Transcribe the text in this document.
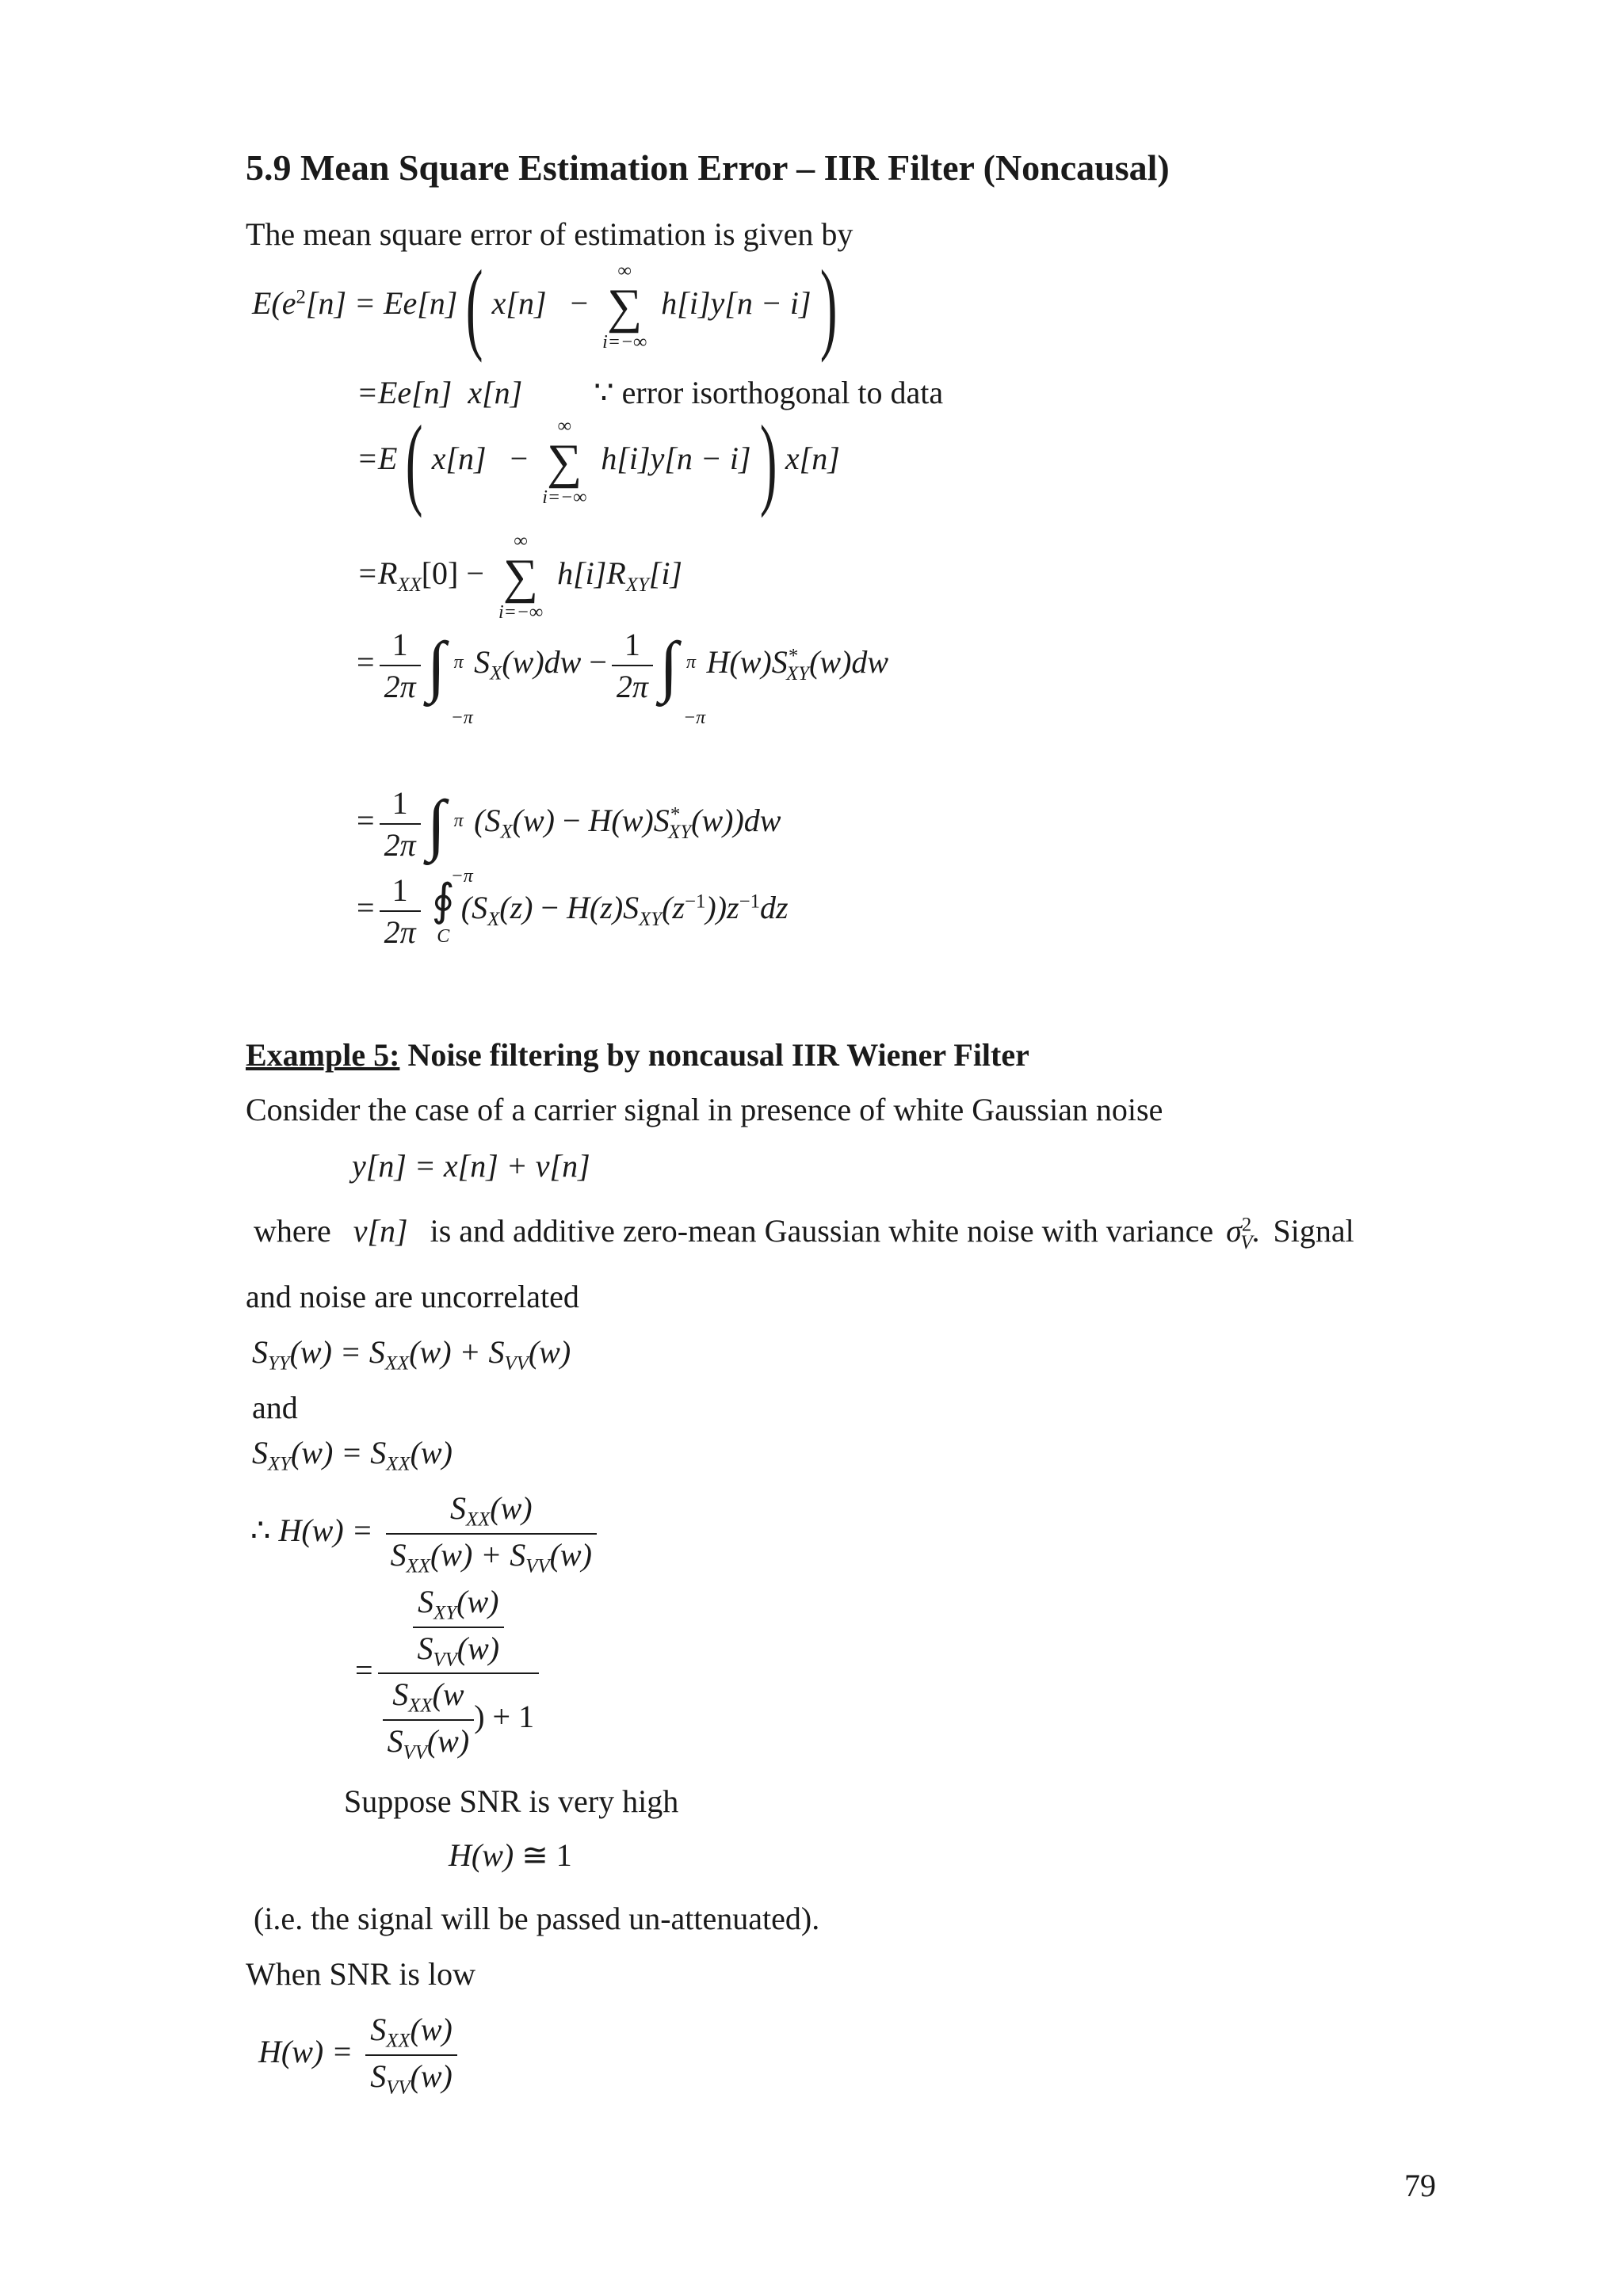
5.9 Mean Square Estimation Error – IIR Filter (Noncausal)
The mean square error of estimation is given by
$E(e^2[n] = Ee[n]$( x[n]   −
∞
∑
i=−∞
h[i]y[n − i])
=Ee[n]  x[n] ∵ error isorthogonal to data
=E( x[n]   −
∞
∑
i=−∞
h[i]y[n − i]) x[n]
$=R_{XX}[0]$ −
∞
∑
i=−∞
$h[i]R_{XY}[i]$
= $\frac{1}{2\pi}$ ∫ π
−π
$S_X(w)dw - \frac{1}{2\pi}$ ∫ π
−π
$H(w)S^*_{XY}(w)dw$
= $\frac{1}{2\pi}$ ∫ π
−π
$(S_X(w) - H(w)S^*_{XY}(w))dw$
= $\frac{1}{2\pi}$ ∮
C
$(S_X(z) - H(z)S_{XY}(z^{-1}))z^{-1}dz$
Example 5: Noise filtering by noncausal IIR Wiener Filter
Consider the case of a carrier signal in presence of white Gaussian noise
y[n] = x[n] + v[n]
where v[n] is and additive zero-mean Gaussian white noise with variance $\sigma^2_V$. Signal
and noise are uncorrelated
$S_{YY}(w) = S_{XX}(w) + S_{VV}(w)$
and
$S_{XY}(w) = S_{XX}(w)$
∴ $H(w) = \frac{S_{XX}(w)}{S_{XX}(w) + S_{VV}(w)}$
= $\frac{\frac{S_{XY}(w)}{S_{VV}(w)}}{\frac{S_{XX}(w}{S_{VV}(w)} ) + 1}$
Suppose SNR is very high
H(w) ≅ 1
(i.e. the signal will be passed un-attenuated).
When SNR is low
$H(w) = \frac{S_{XX}(w)}{S_{VV}(w)}$
79
